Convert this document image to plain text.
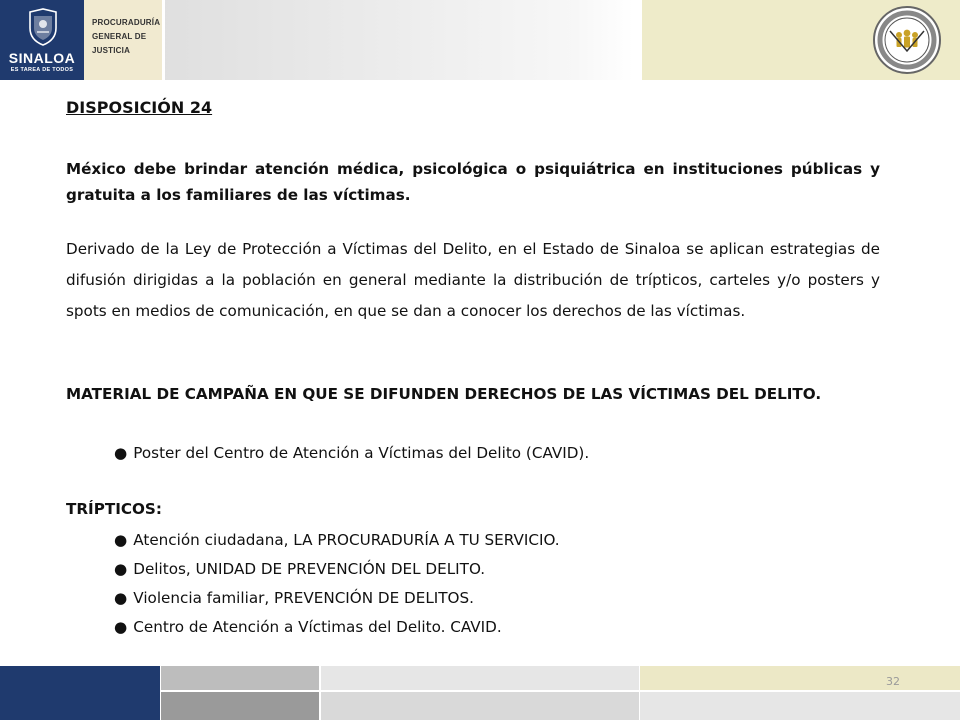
SINALOA
ES TAREA DE TODOS
PROCURADURÍA
GENERAL DE
JUSTICIA
DISPOSICIÓN 24

México debe brindar atención médica, psicológica o psiquiátrica en instituciones públicas y gratuita a los familiares de las víctimas.

Derivado de la Ley de Protección a Víctimas del Delito, en el Estado de Sinaloa se aplican estrategias de difusión dirigidas a la población en general mediante la distribución de trípticos, carteles y/o posters y spots en medios de comunicación, en que se dan a conocer los derechos de las víctimas.

MATERIAL DE CAMPAÑA EN QUE SE DIFUNDEN DERECHOS DE LAS VÍCTIMAS DEL DELITO.
● Poster del Centro de Atención a Víctimas del Delito (CAVID).
TRÍPTICOS:
● Atención ciudadana, LA PROCURADURÍA A TU SERVICIO.
● Delitos, UNIDAD DE PREVENCIÓN DEL DELITO.
● Violencia familiar, PREVENCIÓN DE DELITOS.
● Centro de Atención a Víctimas del Delito. CAVID.
32
